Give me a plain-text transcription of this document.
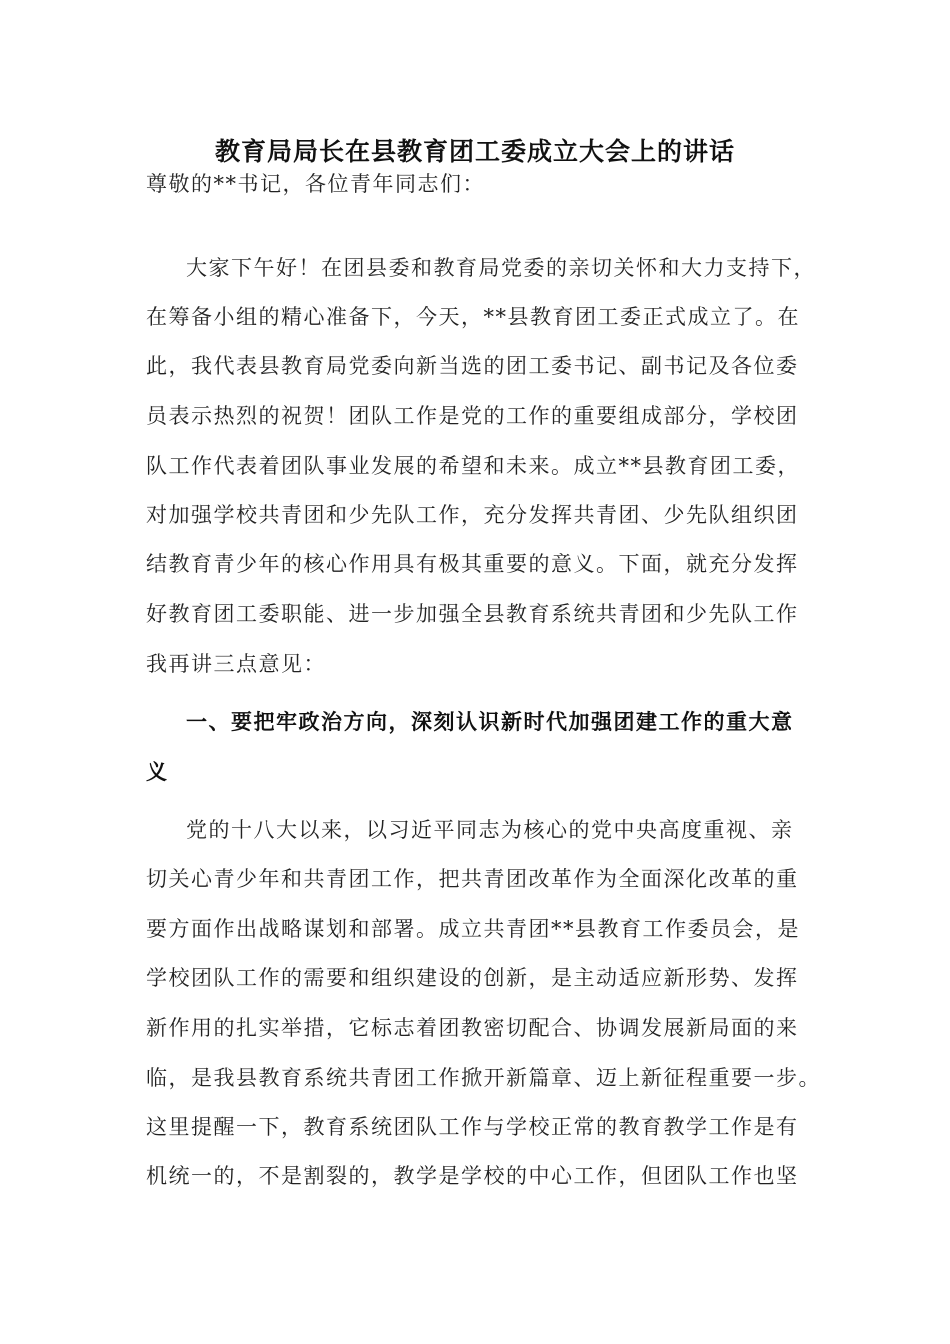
教育局局长在县教育团工委成立大会上的讲话
尊敬的**书记，各位青年同志们：
大家下午好！在团县委和教育局党委的亲切关怀和大力支持下，
在筹备小组的精心准备下，今天，**县教育团工委正式成立了。在
此，我代表县教育局党委向新当选的团工委书记、副书记及各位委
员表示热烈的祝贺！团队工作是党的工作的重要组成部分，学校团
队工作代表着团队事业发展的希望和未来。成立**县教育团工委，
对加强学校共青团和少先队工作，充分发挥共青团、少先队组织团
结教育青少年的核心作用具有极其重要的意义。下面，就充分发挥
好教育团工委职能、进一步加强全县教育系统共青团和少先队工作
我再讲三点意见：
一、要把牢政治方向，深刻认识新时代加强团建工作的重大意
义
党的十八大以来，以习近平同志为核心的党中央高度重视、亲
切关心青少年和共青团工作，把共青团改革作为全面深化改革的重
要方面作出战略谋划和部署。成立共青团**县教育工作委员会，是
学校团队工作的需要和组织建设的创新，是主动适应新形势、发挥
新作用的扎实举措，它标志着团教密切配合、协调发展新局面的来
临，是我县教育系统共青团工作掀开新篇章、迈上新征程重要一步。
这里提醒一下，教育系统团队工作与学校正常的教育教学工作是有
机统一的，不是割裂的，教学是学校的中心工作，但团队工作也坚
